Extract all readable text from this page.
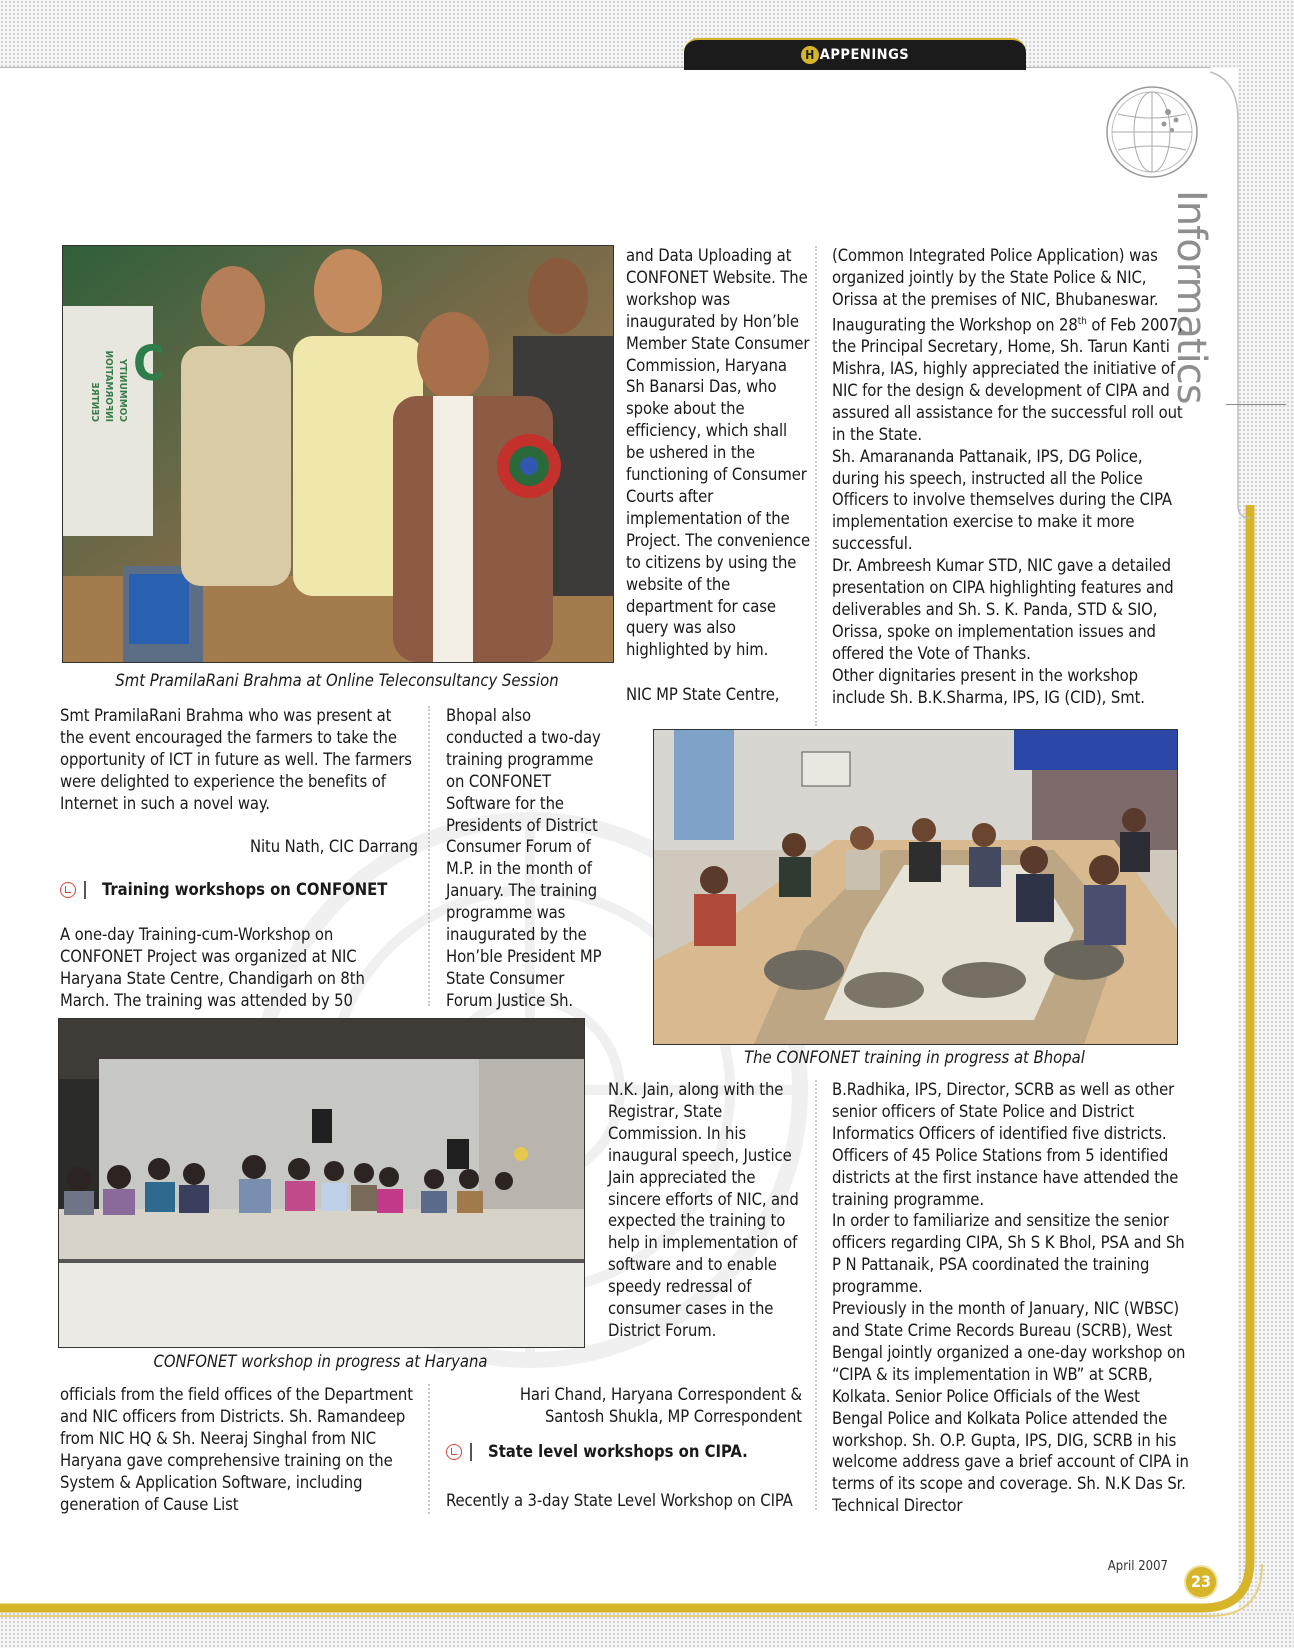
H APPENINGS
Informatics
COMMUNITY
INFORMATION
CENTRE
C
Smt PramilaRani Brahma at Online Teleconsultancy Session

Smt PramilaRani Brahma who was present at the event encouraged the farmers to take the opportunity of ICT in future as well. The farmers were delighted to experience the benefits of Internet in such a novel way.

Nitu Nath, CIC Darrang
Training workshops on CONFONET

A one-day Training-cum-Workshop on CONFONET Project was organized at NIC Haryana State Centre, Chandigarh on 8th March. The training was attended by 50

Bhopal also conducted a two-day training programme on CONFONET Software for the Presidents of District Consumer Forum of M.P. in the month of January. The training programme was inaugurated by the Hon’ble President MP State Consumer Forum Justice Sh.

and Data Uploading at CONFONET Website. The workshop was inaugurated by Hon’ble Member State Consumer Commission, Haryana Sh Banarsi Das, who spoke about the efficiency, which shall be ushered in the functioning of Consumer Courts after implementation of the Project. The convenience to citizens by using the website of the department for case query was also highlighted by him.

NIC MP State Centre,

(Common Integrated Police Application) was organized jointly by the State Police & NIC, Orissa at the premises of NIC, Bhubaneswar.

Inaugurating the Workshop on 28th of Feb 2007, the Principal Secretary, Home, Sh. Tarun Kanti Mishra, IAS, highly appreciated the initiative of NIC for the design & development of CIPA and assured all assistance for the successful roll out in the State.

Sh. Amarananda Pattanaik, IPS, DG Police, during his speech, instructed all the Police Officers to involve themselves during the CIPA implementation exercise to make it more successful.

Dr. Ambreesh Kumar STD, NIC gave a detailed presentation on CIPA highlighting features and deliverables and Sh. S. K. Panda, STD & SIO, Orissa, spoke on implementation issues and offered the Vote of Thanks.

Other dignitaries present in the workshop include Sh. B.K.Sharma, IPS, IG (CID), Smt.

The CONFONET training in progress at Bhopal
CONFONET workshop in progress at Haryana

officials from the field offices of the Department and NIC officers from Districts. Sh. Ramandeep from NIC HQ & Sh. Neeraj Singhal from NIC Haryana gave comprehensive training on the System & Application Software, including generation of Cause List

Hari Chand, Haryana Correspondent &
Santosh Shukla, MP Correspondent
State level workshops on CIPA.
Recently a 3-day State Level Workshop on CIPA

N.K. Jain, along with the Registrar, State Commission. In his inaugural speech, Justice Jain appreciated the sincere efforts of NIC, and expected the training to help in implementation of software and to enable speedy redressal of consumer cases in the District Forum.

B.Radhika, IPS, Director, SCRB as well as other senior officers of State Police and District Informatics Officers of identified five districts. Officers of 45 Police Stations from 5 identified districts at the first instance have attended the training programme.

In order to familiarize and sensitize the senior officers regarding CIPA, Sh S K Bhol, PSA and Sh P N Pattanaik, PSA coordinated the training programme.

Previously in the month of January, NIC (WBSC) and State Crime Records Bureau (SCRB), West Bengal jointly organized a one-day workshop on “CIPA & its implementation in WB” at SCRB, Kolkata. Senior Police Officials of the West Bengal Police and Kolkata Police attended the workshop. Sh. O.P. Gupta, IPS, DIG, SCRB in his welcome address gave a brief account of CIPA in terms of its scope and coverage. Sh. N.K Das Sr. Technical Director

April 2007
23
